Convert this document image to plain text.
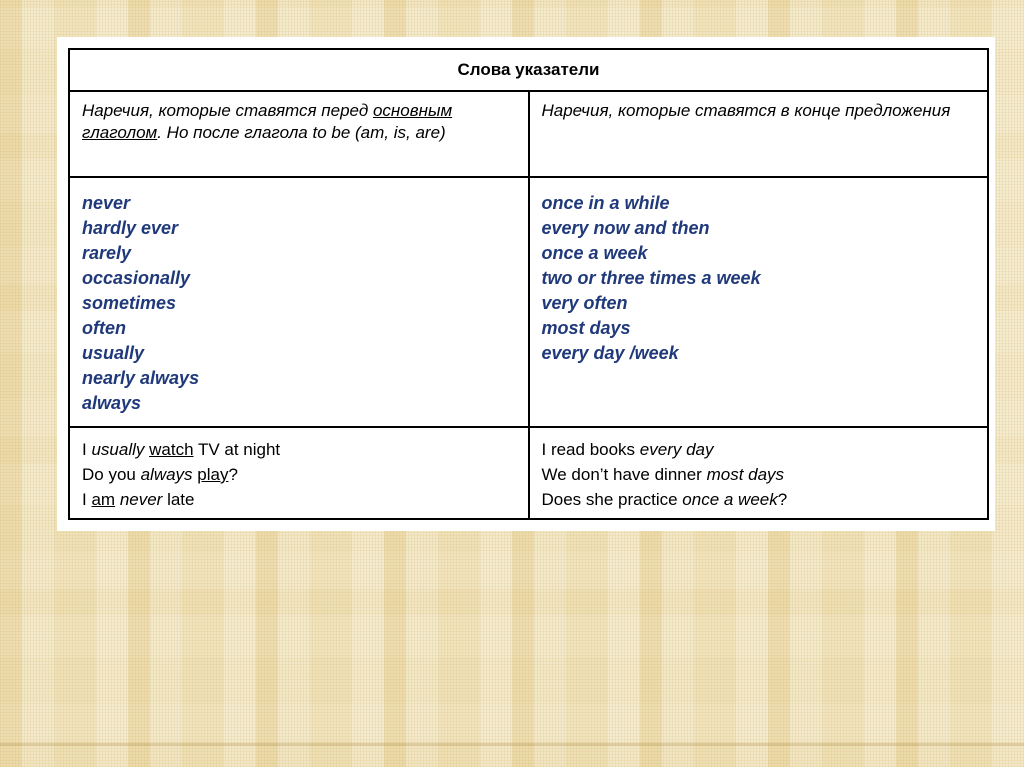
Слова указатели
Наречия, которые ставятся перед основным глаголом. Но после глагола to be (am, is, are)
Наречия, которые ставятся в конце предложения
never
hardly ever
rarely
occasionally
sometimes
often
usually
nearly always
always
once in a while
every now and then
once a week
two or three times a week
very often
most days
every day /week
I usually watch TV at night
Do you always play?
I am never late
I read books every day
We don’t have dinner most days
Does she practice once a week?
